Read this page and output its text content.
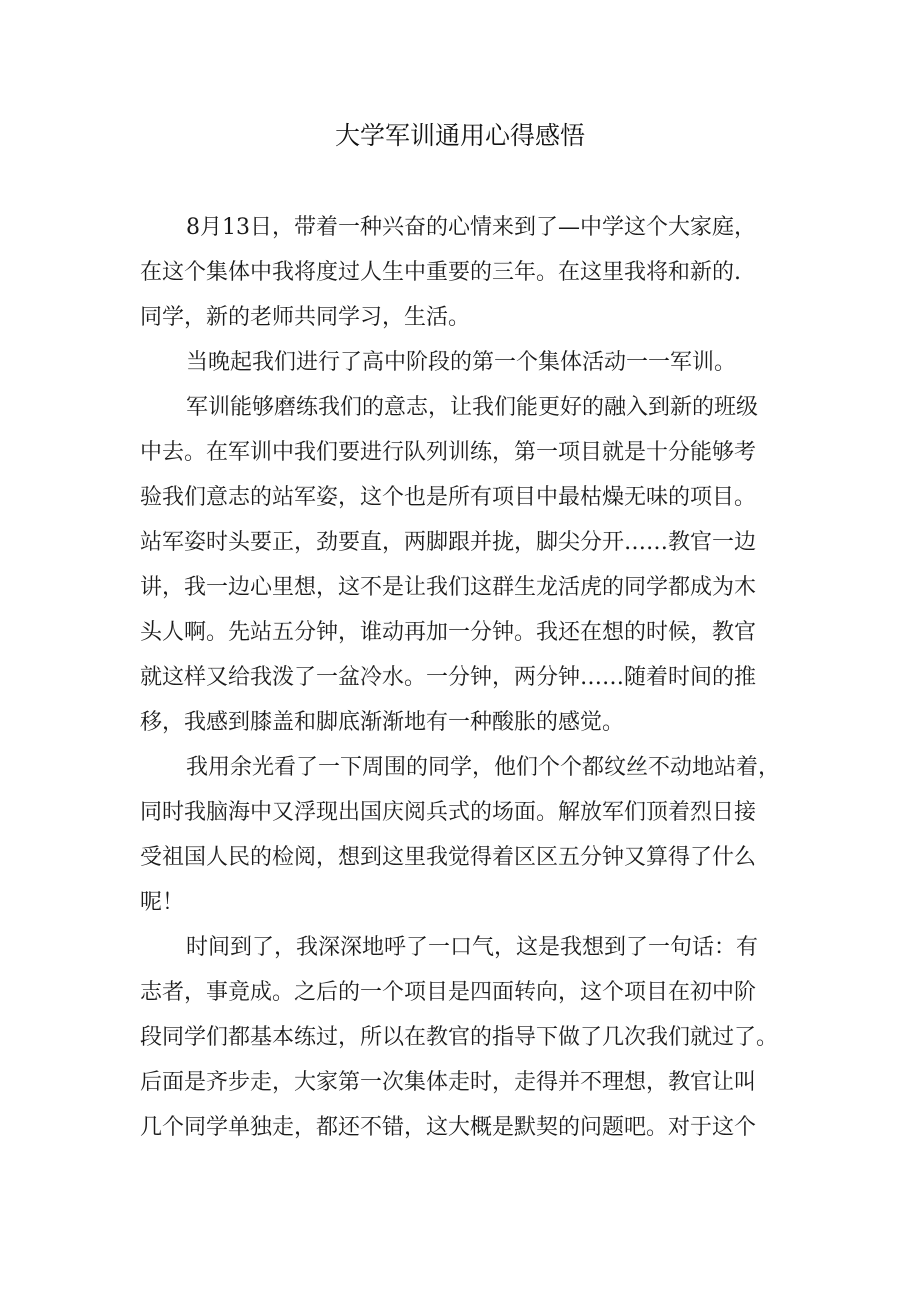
大学军训通用心得感悟
8月13日，带着一种兴奋的心情来到了—中学这个大家庭，
在这个集体中我将度过人生中重要的三年。在这里我将和新的.
同学，新的老师共同学习，生活。
当晚起我们进行了高中阶段的第一个集体活动一一军训。
军训能够磨练我们的意志，让我们能更好的融入到新的班级
中去。在军训中我们要进行队列训练，第一项目就是十分能够考
验我们意志的站军姿，这个也是所有项目中最枯燥无味的项目。
站军姿时头要正，劲要直，两脚跟并拢，脚尖分开……教官一边
讲，我一边心里想，这不是让我们这群生龙活虎的同学都成为木
头人啊。先站五分钟，谁动再加一分钟。我还在想的时候，教官
就这样又给我泼了一盆冷水。一分钟，两分钟……随着时间的推
移，我感到膝盖和脚底渐渐地有一种酸胀的感觉。
我用余光看了一下周围的同学，他们个个都纹丝不动地站着，
同时我脑海中又浮现出国庆阅兵式的场面。解放军们顶着烈日接
受祖国人民的检阅，想到这里我觉得着区区五分钟又算得了什么
呢！
时间到了，我深深地呼了一口气，这是我想到了一句话：有
志者，事竟成。之后的一个项目是四面转向，这个项目在初中阶
段同学们都基本练过，所以在教官的指导下做了几次我们就过了。
后面是齐步走，大家第一次集体走时，走得并不理想，教官让叫
几个同学单独走，都还不错，这大概是默契的问题吧。对于这个
